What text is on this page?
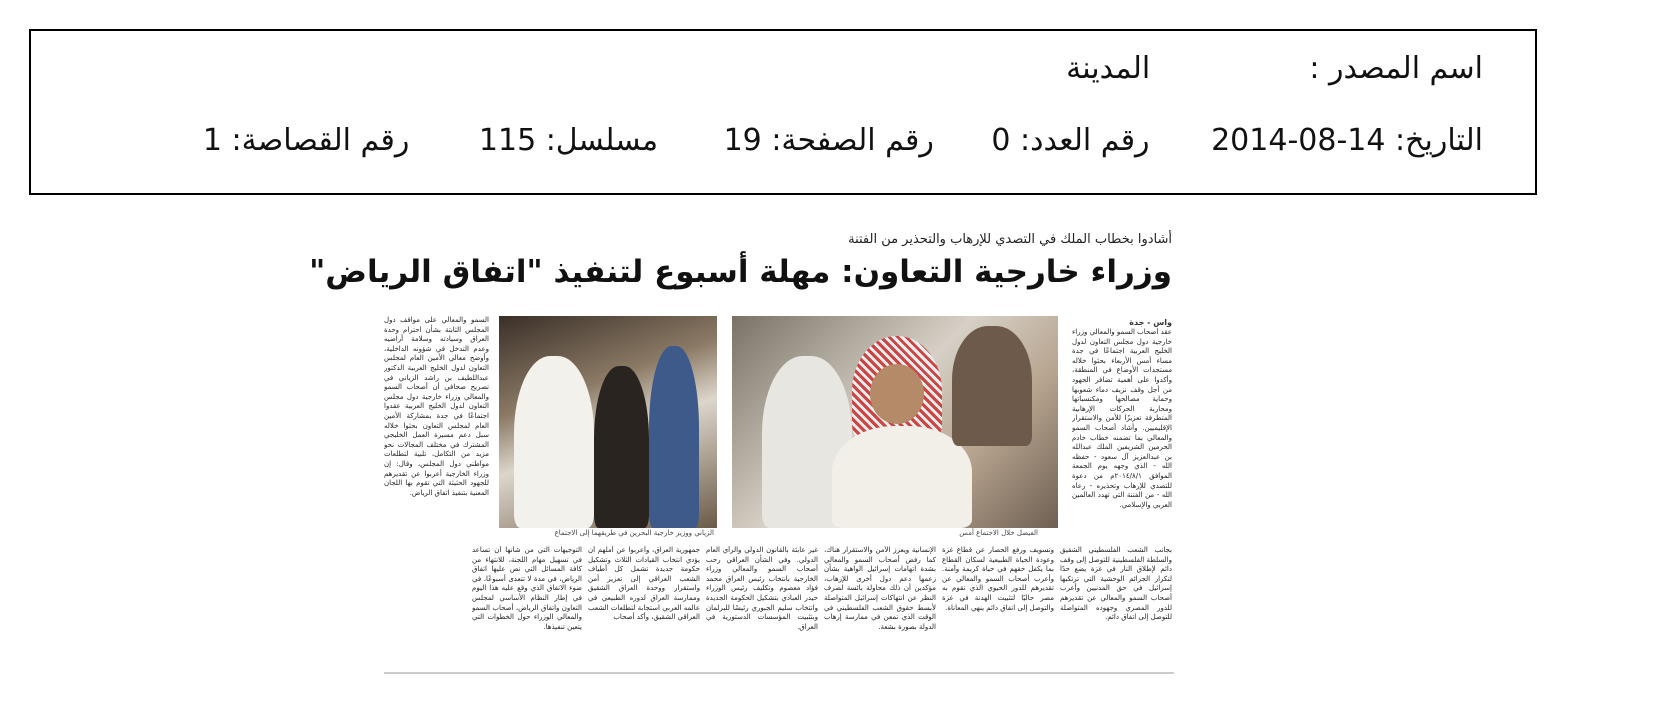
اسم المصدر :  المدينة
التاريخ: 14-08-2014 رقم العدد: 0 رقم الصفحة: 19 مسلسل: 115 رقم القصاصة: 1
أشادوا بخطاب الملك في التصدي للإرهاب والتحذير من الفتنة
وزراء خارجية التعاون: مهلة أسبوع لتنفيذ "اتفاق الرياض"
واس - جدة
عقد أصحاب السمو والمعالي وزراء خارجية دول مجلس التعاون لدول الخليج العربية اجتماعًا في جدة مساء أمس الأربعاء بحثوا خلاله مستجدات الأوضاع في المنطقة، وأكدوا على أهمية تضافر الجهود من أجل وقف نزيف دماء شعوبها وحماية مصالحها ومكتسباتها ومحاربة الحركات الإرهابية المتطرفة تعزيزًا للأمن والاستقرار الإقليميين. وأشاد أصحاب السمو والمعالي بما تضمنه خطاب خادم الحرمين الشريفين الملك عبدالله بن عبدالعزيز آل سعود - حفظه الله - الذي وجهه يوم الجمعة الموافق ٢٠١٤/٨/١م من دعوة للتصدي للإرهاب وتحذيره - رعاه الله - من الفتنة التي تهدد العالمين العربي والإسلامي.
الفيصل خلال الاجتماع أمس
الزياني ووزير خارجية البحرين في طريقهما إلى الاجتماع
السمو والمعالي على مواقف دول المجلس الثابتة بشأن احترام وحدة العراق وسيادته وسلامة أراضيه وعدم التدخل في شؤونه الداخلية، وأوضح معالي الأمين العام لمجلس التعاون لدول الخليج العربية الدكتور عبداللطيف بن راشد الزياني في تصريح صحافي أن أصحاب السمو والمعالي وزراء خارجية دول مجلس التعاون لدول الخليج العربية عقدوا اجتماعًا في جدة بمشاركة الأمين العام لمجلس التعاون بحثوا خلاله سبل دعم مسيرة العمل الخليجي المشترك في مختلف المجالات نحو مزيد من التكامل، تلبية لتطلعات مواطني دول المجلس، وقال: إن وزراء الخارجية أعربوا عن تقديرهم للجهود الحثيثة التي تقوم بها اللجان المعنية بتنفيذ اتفاق الرياض.
بجانب الشعب الفلسطيني الشقيق والسلطة الفلسطينية للتوصل إلى وقف دائم لإطلاق النار في غزة يضع حدًا لتكرار الجرائم الوحشية التي ترتكبها إسرائيل في حق المدنيين وأعرب أصحاب السمو والمعالي عن تقديرهم للدور المصري وجهوده المتواصلة للتوصل إلى اتفاق دائم.
وتسويف ورفع الحصار عن قطاع غزة وعودة الحياة الطبيعية لسكان القطاع بما يكفل حقهم في حياة كريمة وآمنة. وأعرب أصحاب السمو والمعالي عن تقديرهم للدور الحيوي الذي تقوم به مصر حاليًا لتثبيت الهدنة في غزة والتوصل إلى اتفاق دائم ينهي المعاناة.
الإنسانية ويعزز الأمن والاستقرار هناك، كما رفض أصحاب السمو والمعالي بشدة اتهامات إسرائيل الواهية بشأن زعمها دعم دول أخرى للإرهاب، مؤكدين أن ذلك محاولة بائسة لصرف النظر عن انتهاكات إسرائيل المتواصلة لأبسط حقوق الشعب الفلسطيني في الوقت الذي تمعن في ممارسة إرهاب الدولة بصورة بشعة.
غير عابئة بالقانون الدولي والرأي العام الدولي. وفي الشأن العراقي رحب أصحاب السمو والمعالي وزراء الخارجية بانتخاب رئيس العراق محمد فؤاد معصوم وتكليف رئيس الوزراء حيدر العبادي بتشكيل الحكومة الجديدة وانتخاب سليم الجبوري رئيسًا للبرلمان وبتثبيت المؤسسات الدستورية في العراق.
جمهورية العراق، وأعربوا عن أملهم أن يؤدي انتخاب القيادات الثلاث وتشكيل حكومة جديدة تشمل كل أطياف الشعب العراقي إلى تعزيز أمن واستقرار ووحدة العراق الشقيق وممارسة العراق لدوره الطبيعي في عالمه العربي استجابة لتطلعات الشعب العراقي الشقيق، وأكد أصحاب
التوجيهات التي من شأنها أن تساعد في تسهيل مهام اللجنة، للانتهاء من كافة المسائل التي نص عليها اتفاق الرياض، في مدة لا تتعدى أسبوعًا، في ضوء الاتفاق الذي وقع عليه هذا اليوم في إطار النظام الأساسي لمجلس التعاون واتفاق الرياض، أصحاب السمو والمعالي الوزراء حول الخطوات التي يتعين تنفيذها.
